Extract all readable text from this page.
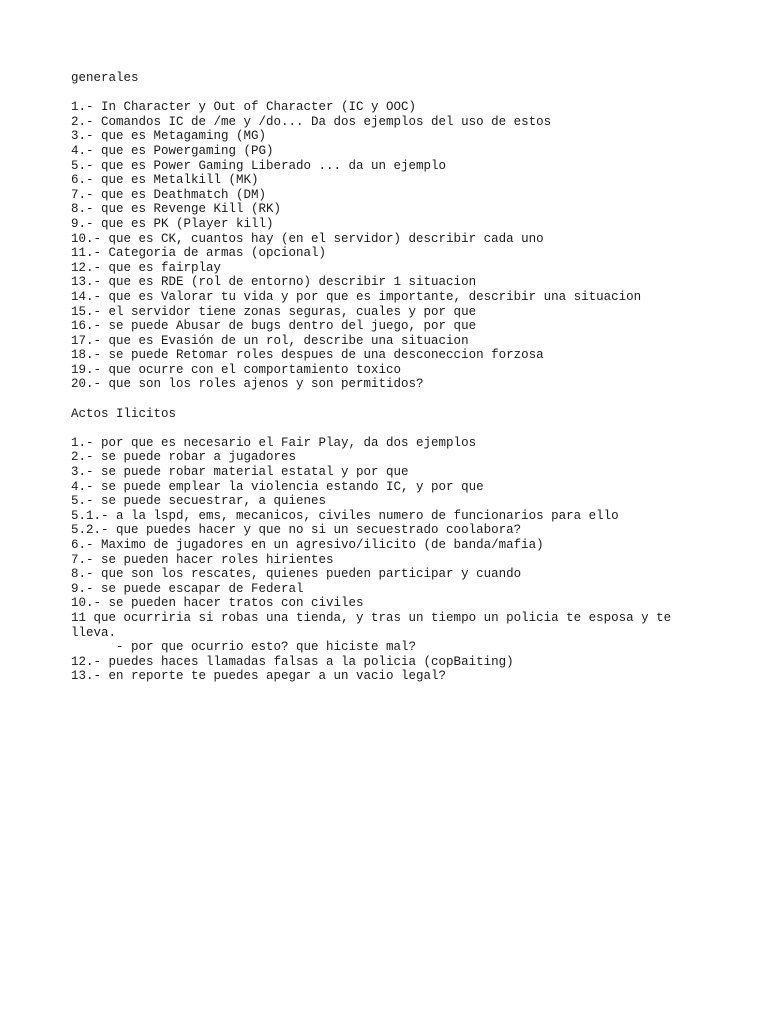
generales
1.- In Character y Out of Character (IC y OOC)
2.- Comandos IC de /me y /do... Da dos ejemplos del uso de estos
3.- que es Metagaming (MG)
4.- que es Powergaming (PG)
5.- que es Power Gaming Liberado ... da un ejemplo
6.- que es Metalkill (MK)
7.- que es Deathmatch (DM)
8.- que es Revenge Kill (RK)
9.- que es PK (Player kill)
10.- que es CK, cuantos hay (en el servidor) describir cada uno
11.- Categoria de armas (opcional)
12.- que es fairplay
13.- que es RDE (rol de entorno) describir 1 situacion
14.- que es Valorar tu vida y por que es importante, describir una situacion
15.- el servidor tiene zonas seguras, cuales y por que
16.- se puede Abusar de bugs dentro del juego, por que
17.- que es Evasión de un rol, describe una situacion
18.- se puede Retomar roles despues de una desconeccion forzosa
19.- que ocurre con el comportamiento toxico
20.- que son los roles ajenos y son permitidos?
Actos Ilicitos
1.- por que es necesario el Fair Play, da dos ejemplos
2.- se puede robar a jugadores
3.- se puede robar material estatal y por que
4.- se puede emplear la violencia estando IC, y por que
5.- se puede secuestrar, a quienes
5.1.- a la lspd, ems, mecanicos, civiles numero de funcionarios para ello
5.2.- que puedes hacer y que no si un secuestrado coolabora?
6.- Maximo de jugadores en un agresivo/ilicito (de banda/mafia)
7.- se pueden hacer roles hirientes
8.- que son los rescates, quienes pueden participar y cuando
9.- se puede escapar de Federal
10.- se pueden hacer tratos con civiles
11 que ocurriria si robas una tienda, y tras un tiempo un policia te esposa y te lleva.
- por que ocurrio esto? que hiciste mal?
12.- puedes haces llamadas falsas a la policia (copBaiting)
13.- en reporte te puedes apegar a un vacio legal?
